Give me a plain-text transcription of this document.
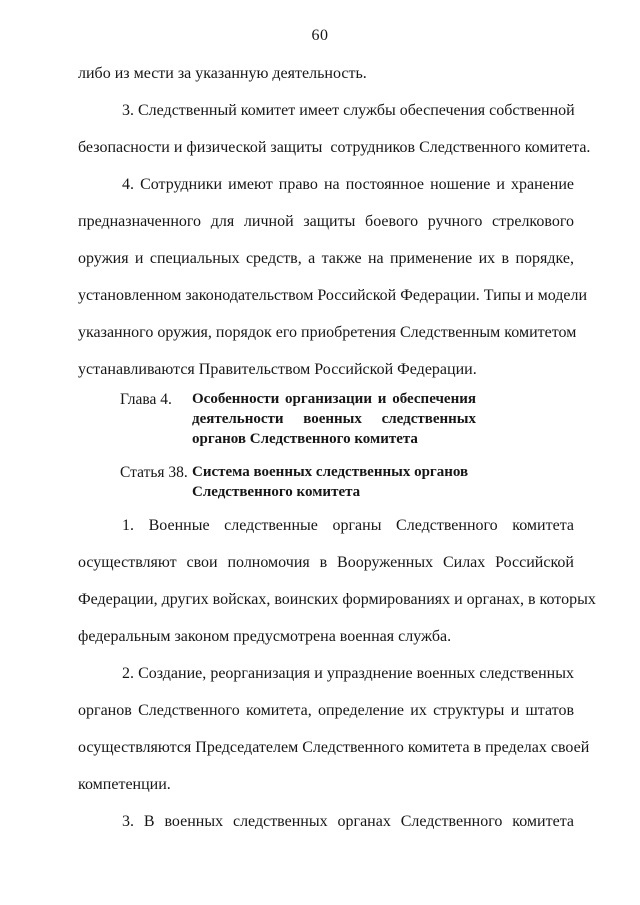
60
либо из мести за указанную деятельность.
3. Следственный комитет имеет службы обеспечения собственной
безопасности и физической защиты  сотрудников Следственного комитета.
4. Сотрудники имеют право на постоянное ношение и хранение
предназначенного для личной защиты боевого ручного стрелкового
оружия и специальных средств, а также на применение их в порядке,
установленном законодательством Российской Федерации. Типы и модели
указанного оружия, порядок его приобретения Следственным комитетом
устанавливаются Правительством Российской Федерации.
Глава 4.	Особенности организации и обеспечения
деятельности военных следственных
органов Следственного комитета
Статья 38. Система военных следственных органов
Следственного комитета
1. Военные следственные органы Следственного комитета
осуществляют свои полномочия в Вооруженных Силах Российской
Федерации, других войсках, воинских формированиях и органах, в которых
федеральным законом предусмотрена военная служба.
2. Создание, реорганизация и упразднение военных следственных
органов Следственного комитета, определение их структуры и штатов
осуществляются Председателем Следственного комитета в пределах своей
компетенции.
3. В военных следственных органах Следственного комитета
